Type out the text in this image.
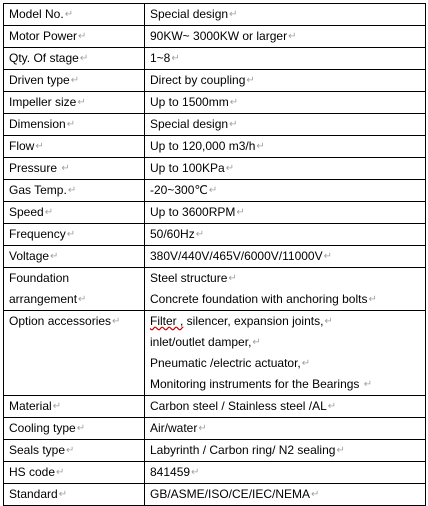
Model No.↵	Special design↵
Motor Power↵	90KW~ 3000KW or larger↵
Qty. Of stage↵	1~8↵
Driven type↵	Direct by coupling↵
Impeller size↵	Up to 1500mm↵
Dimension↵	Special design↵
Flow↵	Up to 120,000 m3/h↵
Pressure ↵	Up to 100KPa↵
Gas Temp.↵	-20~300℃↵
Speed↵	Up to 3600RPM↵
Frequency↵	50/60Hz↵
Voltage↵	380V/440V/465V/6000V/11000V↵

Foundation
arrangement↵	Steel structure↵
Concrete foundation with anchoring bolts↵

Option accessories↵	Filter , silencer, expansion joints,↵
inlet/outlet damper,↵
Pneumatic /electric actuator,↵
Monitoring instruments for the Bearings ↵

Material↵	Carbon steel / Stainless steel /AL↵
Cooling type↵	Air/water↵
Seals type↵	Labyrinth / Carbon ring/ N2 sealing↵
HS code↵	841459↵
Standard↵	GB/ASME/ISO/CE/IEC/NEMA↵
